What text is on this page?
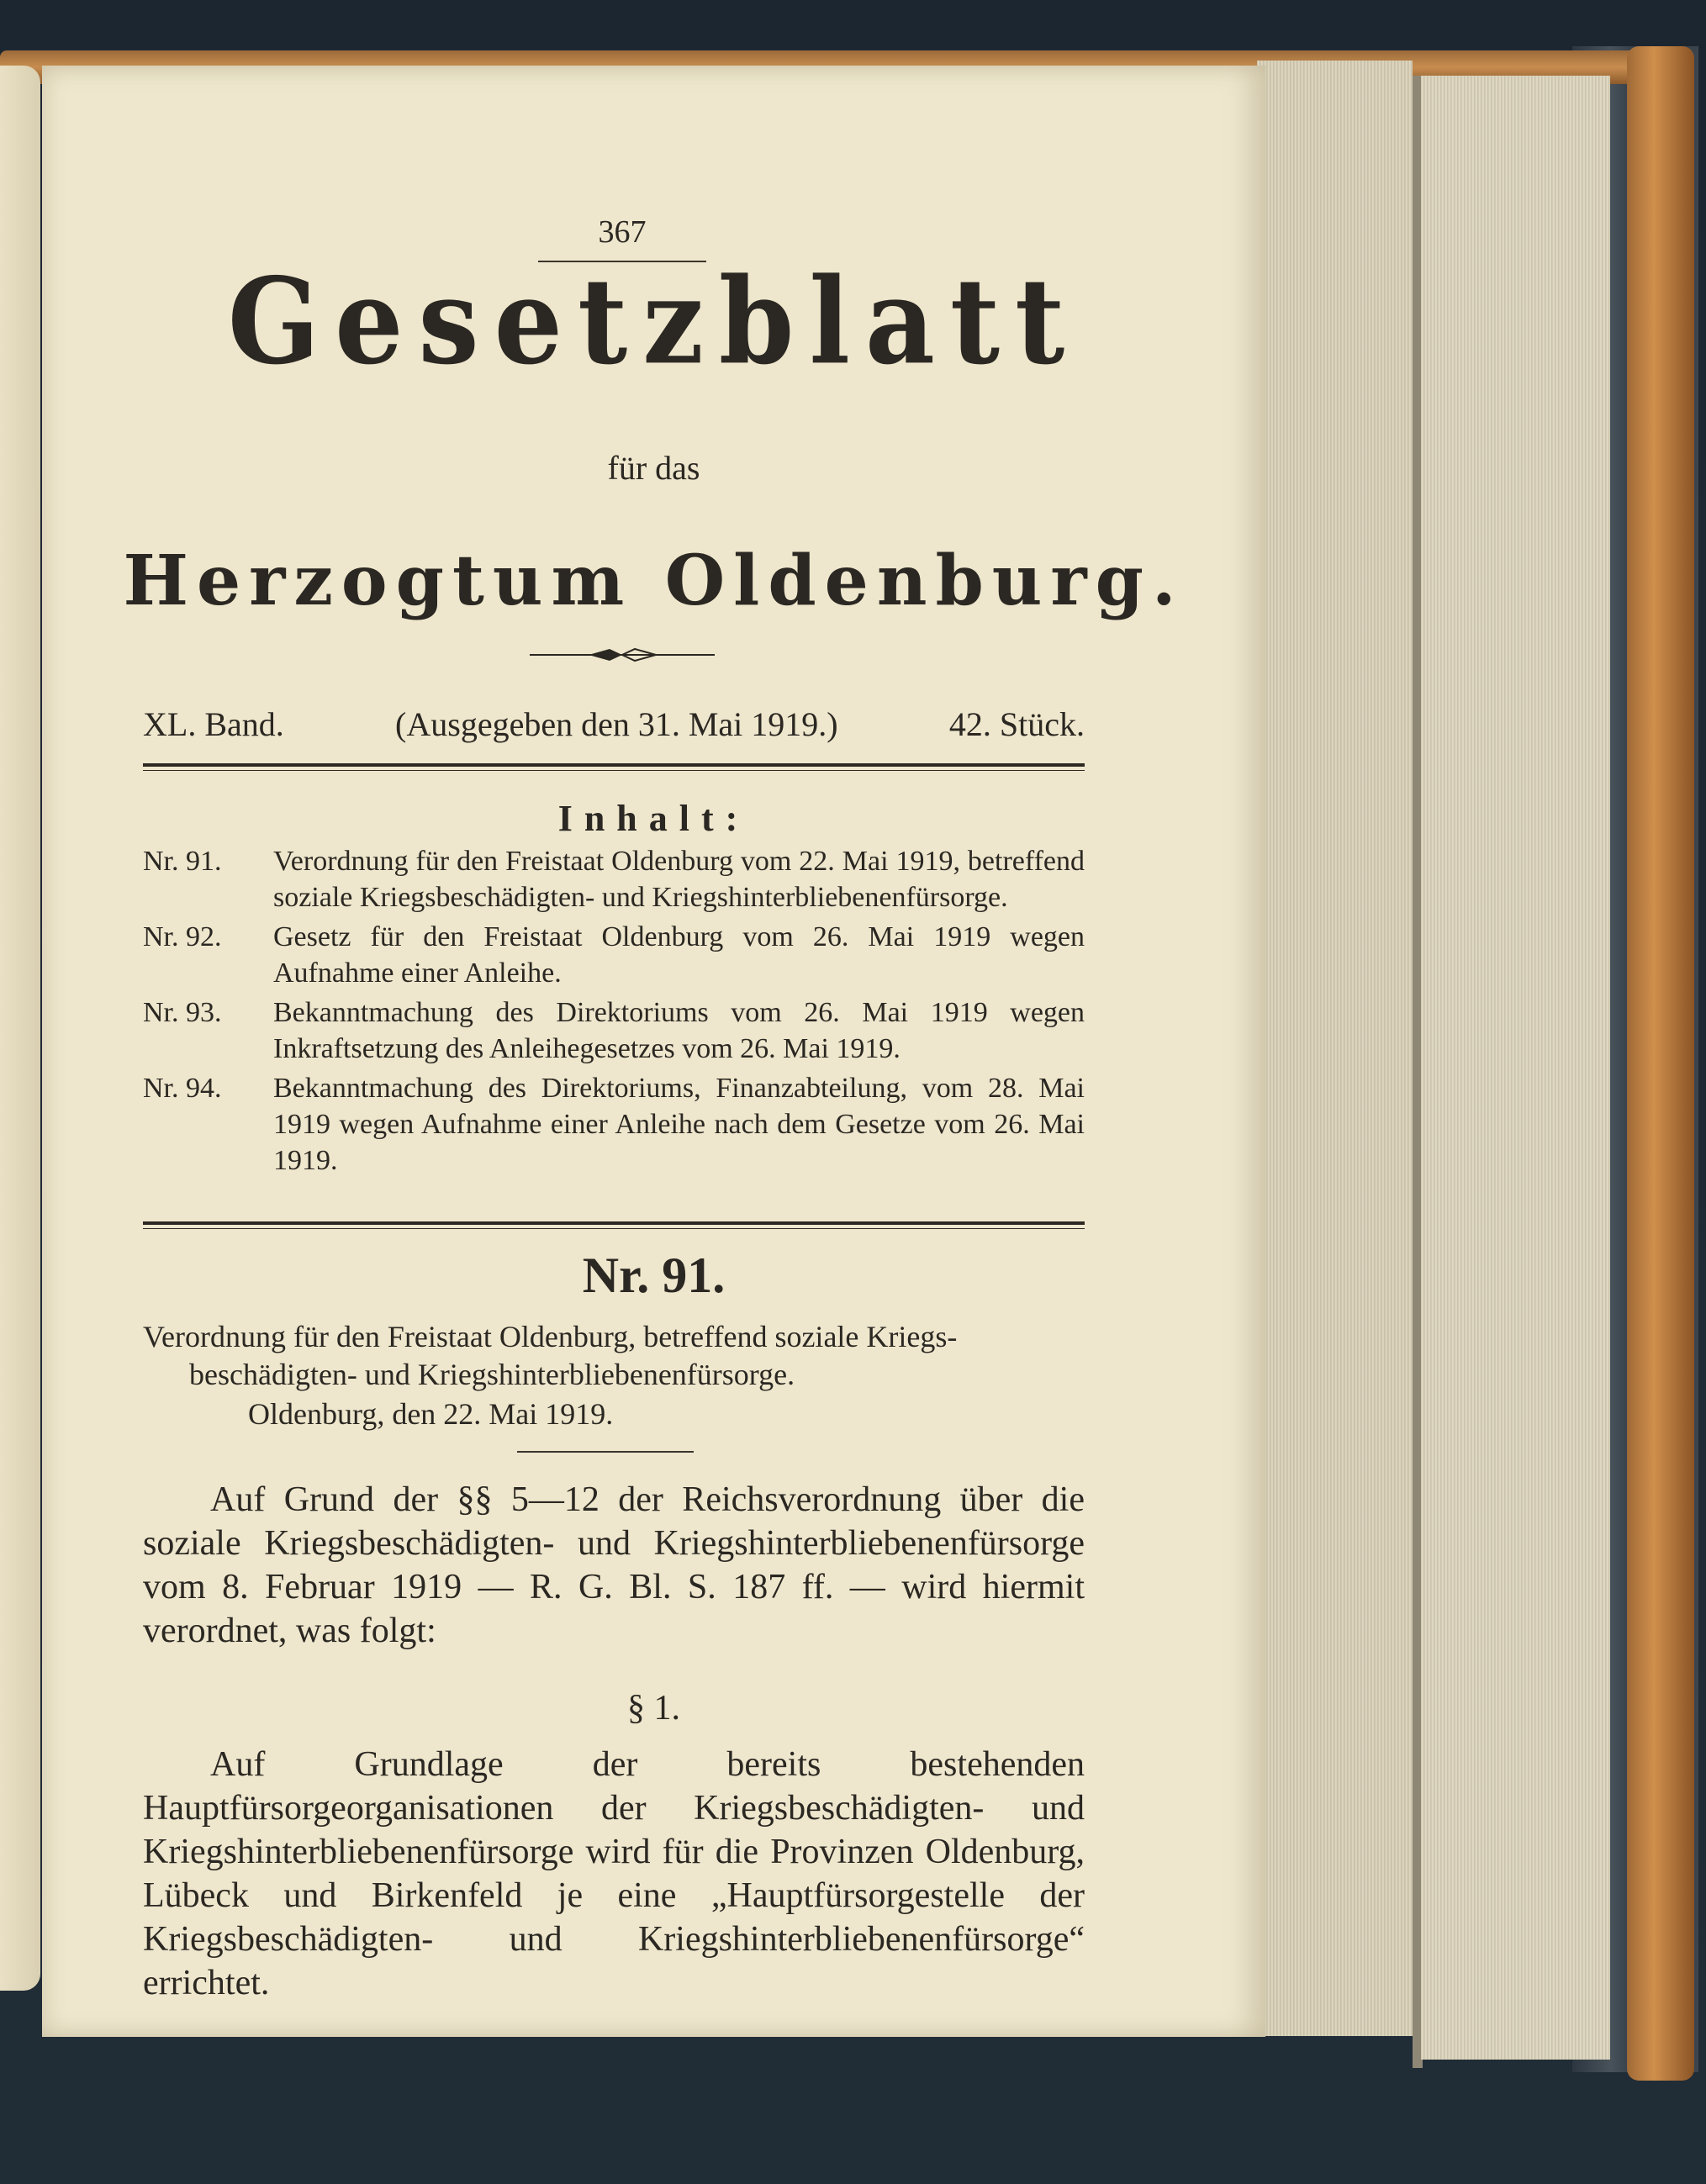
367
Gesetzblatt
für das
Herzogtum Oldenburg.
XL. Band.	(Ausgegeben den 31. Mai 1919.)	42. Stück.
Inhalt:
Nr. 91.	Verordnung für den Freistaat Oldenburg vom 22. Mai 1919, betreffend soziale Kriegsbeschädigten- und Kriegshinterbliebenenfürsorge.
Nr. 92.	Gesetz für den Freistaat Oldenburg vom 26. Mai 1919 wegen Aufnahme einer Anleihe.
Nr. 93.	Bekanntmachung des Direktoriums vom 26. Mai 1919 wegen Inkraftsetzung des Anleihegesetzes vom 26. Mai 1919.
Nr. 94.	Bekanntmachung des Direktoriums, Finanzabteilung, vom 28. Mai 1919 wegen Aufnahme einer Anleihe nach dem Gesetze vom 26. Mai 1919.
Nr. 91.
Verordnung für den Freistaat Oldenburg, betreffend soziale Kriegs-
beschädigten- und Kriegshinterbliebenenfürsorge.
Oldenburg, den 22. Mai 1919.
Auf Grund der §§ 5—12 der Reichsverordnung über die soziale Kriegsbeschädigten- und Kriegshinterbliebenenfürsorge vom 8. Februar 1919 — R. G. Bl. S. 187 ff. — wird hiermit verordnet, was folgt:
§ 1.
Auf Grundlage der bereits bestehenden Hauptfürsorgeorganisationen der Kriegsbeschädigten- und Kriegshinterbliebenenfürsorge wird für die Provinzen Oldenburg, Lübeck und Birkenfeld je eine „Hauptfürsorgestelle der Kriegsbeschädigten- und Kriegshinterbliebenenfürsorge“ errichtet.
